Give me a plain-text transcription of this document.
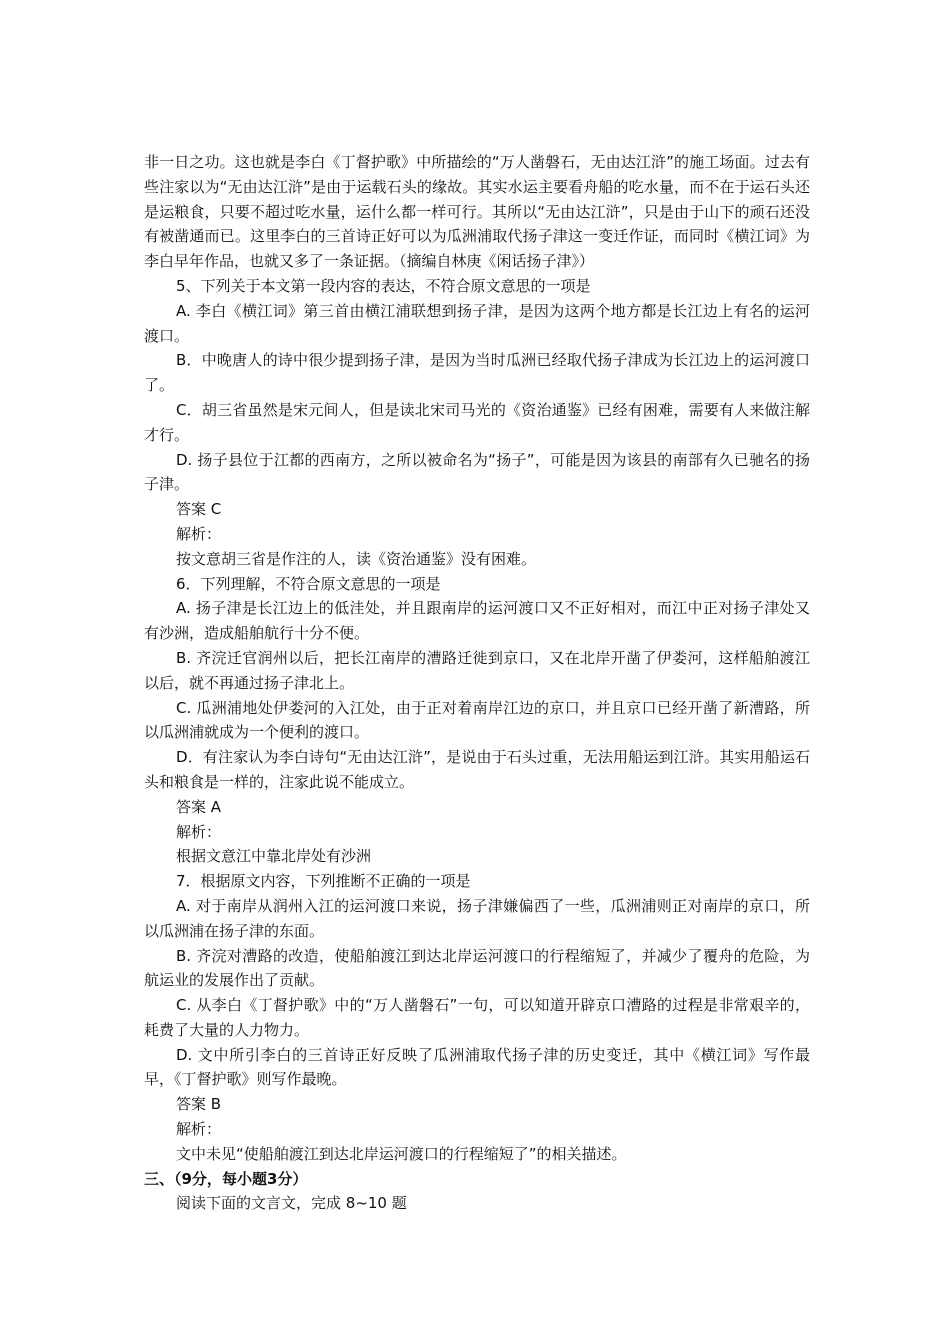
非一日之功。这也就是李白《丁督护歌》中所描绘的“万人凿磐石，无由达江浒”的施工场面。过去有些注家以为“无由达江浒”是由于运载石头的缘故。其实水运主要看舟船的吃水量，而不在于运石头还是运粮食，只要不超过吃水量，运什么都一样可行。其所以“无由达江浒”，只是由于山下的顽石还没有被凿通而已。这里李白的三首诗正好可以为瓜洲浦取代扬子津这一变迁作证，而同时《横江词》为李白早年作品，也就又多了一条证据。（摘编自林庚《闲话扬子津》）

5、下列关于本文第一段内容的表达，不符合原文意思的一项是

A. 李白《横江词》第三首由横江浦联想到扬子津，是因为这两个地方都是长江边上有名的运河渡口。

B．中晚唐人的诗中很少提到扬子津，是因为当时瓜洲已经取代扬子津成为长江边上的运河渡口了。

C．胡三省虽然是宋元间人，但是读北宋司马光的《资治通鉴》已经有困难，需要有人来做注解才行。

D. 扬子县位于江都的西南方，之所以被命名为“扬子”，可能是因为该县的南部有久已驰名的扬子津。

答案 C

解析：

按文意胡三省是作注的人，读《资治通鉴》没有困难。

6．下列理解，不符合原文意思的一项是

A. 扬子津是长江边上的低洼处，并且跟南岸的运河渡口又不正好相对，而江中正对扬子津处又有沙洲，造成船舶航行十分不便。

B. 齐浣迁官润州以后，把长江南岸的漕路迁徙到京口，又在北岸开凿了伊娄河，这样船舶渡江以后，就不再通过扬子津北上。

C. 瓜洲浦地处伊娄河的入江处，由于正对着南岸江边的京口，并且京口已经开凿了新漕路，所以瓜洲浦就成为一个便利的渡口。

D．有注家认为李白诗句“无由达江浒”，是说由于石头过重，无法用船运到江浒。其实用船运石头和粮食是一样的，注家此说不能成立。

答案 A

解析：

根据文意江中靠北岸处有沙洲

7．根据原文内容，下列推断不正确的一项是

A. 对于南岸从润州入江的运河渡口来说，扬子津嫌偏西了一些，瓜洲浦则正对南岸的京口，所以瓜洲浦在扬子津的东面。

B. 齐浣对漕路的改造，使船舶渡江到达北岸运河渡口的行程缩短了，并减少了覆舟的危险，为航运业的发展作出了贡献。

C. 从李白《丁督护歌》中的“万人凿磐石”一句，可以知道开辟京口漕路的过程是非常艰辛的，耗费了大量的人力物力。

D. 文中所引李白的三首诗正好反映了瓜洲浦取代扬子津的历史变迁，其中《横江词》写作最早，《丁督护歌》则写作最晚。

答案 B

解析：

文中未见“使船舶渡江到达北岸运河渡口的行程缩短了”的相关描述。

三、（9分，每小题3分）

阅读下面的文言文，完成 8~10 题
